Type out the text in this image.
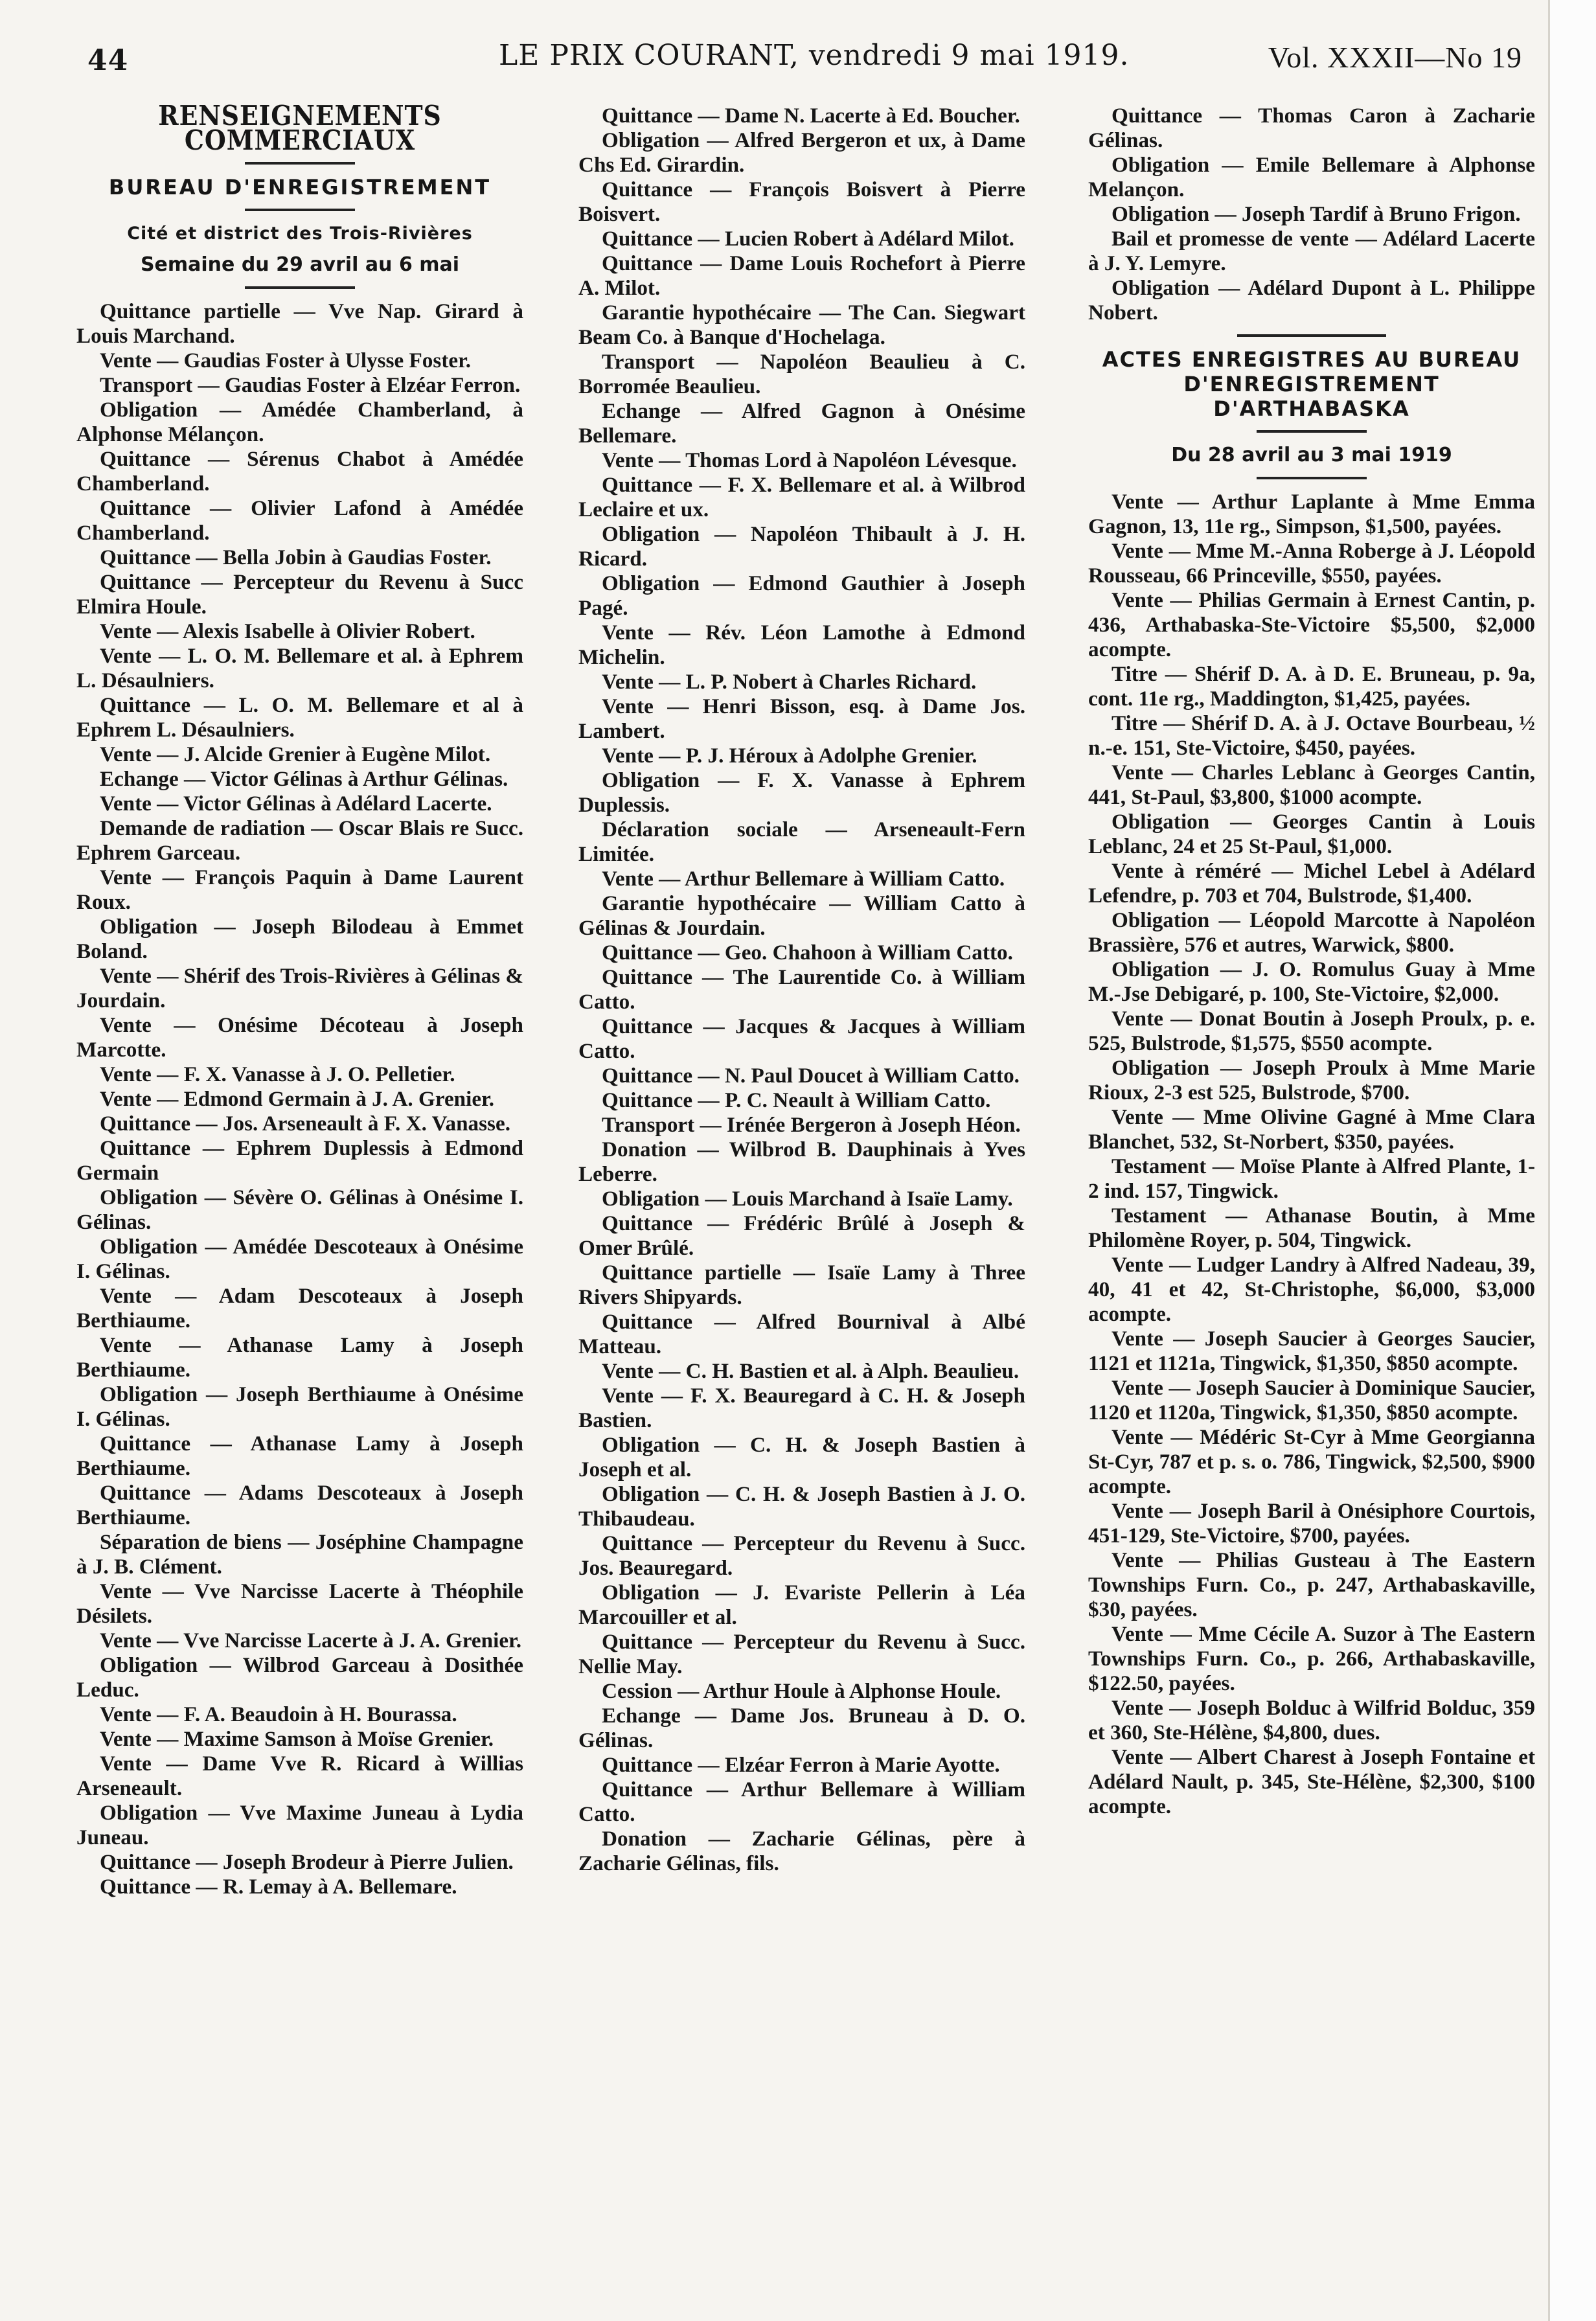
44	LE PRIX COURANT, vendredi 9 mai 1919.	Vol. XXXII—No 19
RENSEIGNEMENTS COMMERCIAUX
BUREAU D'ENREGISTREMENT
Cité et district des Trois-Rivières
Semaine du 29 avril au 6 mai

Quittance partielle — Vve Nap. Girard à Louis Marchand.

Vente — Gaudias Foster à Ulysse Foster.

Transport — Gaudias Foster à Elzéar Ferron.

Obligation — Amédée Chamberland, à Alphonse Mélançon.

Quittance — Sérenus Chabot à Amédée Chamberland.

Quittance — Olivier Lafond à Amédée Chamberland.

Quittance — Bella Jobin à Gaudias Foster.

Quittance — Percepteur du Revenu à Succ Elmira Houle.

Vente — Alexis Isabelle à Olivier Robert.

Vente — L. O. M. Bellemare et al. à Ephrem L. Désaulniers.

Quittance — L. O. M. Bellemare et al à Ephrem L. Désaulniers.

Vente — J. Alcide Grenier à Eugène Milot.

Echange — Victor Gélinas à Arthur Gélinas.

Vente — Victor Gélinas à Adélard Lacerte.

Demande de radiation — Oscar Blais re Succ. Ephrem Garceau.

Vente — François Paquin à Dame Laurent Roux.

Obligation — Joseph Bilodeau à Emmet Boland.

Vente — Shérif des Trois-Rivières à Gélinas & Jourdain.

Vente — Onésime Décoteau à Joseph Marcotte.

Vente — F. X. Vanasse à J. O. Pelletier.

Vente — Edmond Germain à J. A. Grenier.

Quittance — Jos. Arseneault à F. X. Vanasse.

Quittance — Ephrem Duplessis à Edmond Germain

Obligation — Sévère O. Gélinas à Onésime I. Gélinas.

Obligation — Amédée Descoteaux à Onésime I. Gélinas.

Vente — Adam Descoteaux à Joseph Berthiaume.

Vente — Athanase Lamy à Joseph Berthiaume.

Obligation — Joseph Berthiaume à Onésime I. Gélinas.

Quittance — Athanase Lamy à Joseph Berthiaume.

Quittance — Adams Descoteaux à Joseph Berthiaume.

Séparation de biens — Joséphine Champagne à J. B. Clément.

Vente — Vve Narcisse Lacerte à Théophile Désilets.

Vente — Vve Narcisse Lacerte à J. A. Grenier.

Obligation — Wilbrod Garceau à Dosithée Leduc.

Vente — F. A. Beaudoin à H. Bourassa.

Vente — Maxime Samson à Moïse Grenier.

Vente — Dame Vve R. Ricard à Willias Arseneault.

Obligation — Vve Maxime Juneau à Lydia Juneau.

Quittance — Joseph Brodeur à Pierre Julien.

Quittance — R. Lemay à A. Bellemare.

Quittance — Dame N. Lacerte à Ed. Boucher.

Obligation — Alfred Bergeron et ux, à Dame Chs Ed. Girardin.

Quittance — François Boisvert à Pierre Boisvert.

Quittance — Lucien Robert à Adélard Milot.

Quittance — Dame Louis Rochefort à Pierre A. Milot.

Garantie hypothécaire — The Can. Siegwart Beam Co. à Banque d'Hochelaga.

Transport — Napoléon Beaulieu à C. Borromée Beaulieu.

Echange — Alfred Gagnon à Onésime Bellemare.

Vente — Thomas Lord à Napoléon Lévesque.

Quittance — F. X. Bellemare et al. à Wilbrod Leclaire et ux.

Obligation — Napoléon Thibault à J. H. Ricard.

Obligation — Edmond Gauthier à Joseph Pagé.

Vente — Rév. Léon Lamothe à Edmond Michelin.

Vente — L. P. Nobert à Charles Richard.

Vente — Henri Bisson, esq. à Dame Jos. Lambert.

Vente — P. J. Héroux à Adolphe Grenier.

Obligation — F. X. Vanasse à Ephrem Duplessis.

Déclaration sociale — Arseneault-Fern Limitée.

Vente — Arthur Bellemare à William Catto.

Garantie hypothécaire — William Catto à Gélinas & Jourdain.

Quittance — Geo. Chahoon à William Catto.

Quittance — The Laurentide Co. à William Catto.

Quittance — Jacques & Jacques à William Catto.

Quittance — N. Paul Doucet à William Catto.

Quittance — P. C. Neault à William Catto.

Transport — Irénée Bergeron à Joseph Héon.

Donation — Wilbrod B. Dauphinais à Yves Leberre.

Obligation — Louis Marchand à Isaïe Lamy.

Quittance — Frédéric Brûlé à Joseph & Omer Brûlé.

Quittance partielle — Isaïe Lamy à Three Rivers Shipyards.

Quittance — Alfred Bournival à Albé Matteau.

Vente — C. H. Bastien et al. à Alph. Beaulieu.

Vente — F. X. Beauregard à C. H. & Joseph Bastien.

Obligation — C. H. & Joseph Bastien à Joseph et al.

Obligation — C. H. & Joseph Bastien à J. O. Thibaudeau.

Quittance — Percepteur du Revenu à Succ. Jos. Beauregard.

Obligation — J. Evariste Pellerin à Léa Marcouiller et al.

Quittance — Percepteur du Revenu à Succ. Nellie May.

Cession — Arthur Houle à Alphonse Houle.

Echange — Dame Jos. Bruneau à D. O. Gélinas.

Quittance — Elzéar Ferron à Marie Ayotte.

Quittance — Arthur Bellemare à William Catto.

Donation — Zacharie Gélinas, père à Zacharie Gélinas, fils.

Quittance — Thomas Caron à Zacharie Gélinas.

Obligation — Emile Bellemare à Alphonse Melançon.

Obligation — Joseph Tardif à Bruno Frigon.

Bail et promesse de vente — Adélard Lacerte à J. Y. Lemyre.

Obligation — Adélard Dupont à L. Philippe Nobert.

ACTES ENREGISTRES AU BUREAU D'ENREGISTREMENT D'ARTHABASKA
Du 28 avril au 3 mai 1919

Vente — Arthur Laplante à Mme Emma Gagnon, 13, 11e rg., Simpson, $1,500, payées.

Vente — Mme M.-Anna Roberge à J. Léopold Rousseau, 66 Princeville, $550, payées.

Vente — Philias Germain à Ernest Cantin, p. 436, Arthabaska-Ste-Victoire $5,500, $2,000 acompte.

Titre — Shérif D. A. à D. E. Bruneau, p. 9a, cont. 11e rg., Maddington, $1,425, payées.

Titre — Shérif D. A. à J. Octave Bourbeau, ½ n.-e. 151, Ste-Victoire, $450, payées.

Vente — Charles Leblanc à Georges Cantin, 441, St-Paul, $3,800, $1000 acompte.

Obligation — Georges Cantin à Louis Leblanc, 24 et 25 St-Paul, $1,000.

Vente à réméré — Michel Lebel à Adélard Lefendre, p. 703 et 704, Bulstrode, $1,400.

Obligation — Léopold Marcotte à Napoléon Brassière, 576 et autres, Warwick, $800.

Obligation — J. O. Romulus Guay à Mme M.-Jse Debigaré, p. 100, Ste-Victoire, $2,000.

Vente — Donat Boutin à Joseph Proulx, p. e. 525, Bulstrode, $1,575, $550 acompte.

Obligation — Joseph Proulx à Mme Marie Rioux, 2-3 est 525, Bulstrode, $700.

Vente — Mme Olivine Gagné à Mme Clara Blanchet, 532, St-Norbert, $350, payées.

Testament — Moïse Plante à Alfred Plante, 1-2 ind. 157, Tingwick.

Testament — Athanase Boutin, à Mme Philomène Royer, p. 504, Tingwick.

Vente — Ludger Landry à Alfred Nadeau, 39, 40, 41 et 42, St-Christophe, $6,000, $3,000 acompte.

Vente — Joseph Saucier à Georges Saucier, 1121 et 1121a, Tingwick, $1,350, $850 acompte.

Vente — Joseph Saucier à Dominique Saucier, 1120 et 1120a, Tingwick, $1,350, $850 acompte.

Vente — Médéric St-Cyr à Mme Georgianna St-Cyr, 787 et p. s. o. 786, Tingwick, $2,500, $900 acompte.

Vente — Joseph Baril à Onésiphore Courtois, 451-129, Ste-Victoire, $700, payées.

Vente — Philias Gusteau à The Eastern Townships Furn. Co., p. 247, Arthabaskaville, $30, payées.

Vente — Mme Cécile A. Suzor à The Eastern Townships Furn. Co., p. 266, Arthabaskaville, $122.50, payées.

Vente — Joseph Bolduc à Wilfrid Bolduc, 359 et 360, Ste-Hélène, $4,800, dues.

Vente — Albert Charest à Joseph Fontaine et Adélard Nault, p. 345, Ste-Hélène, $2,300, $100 acompte.
